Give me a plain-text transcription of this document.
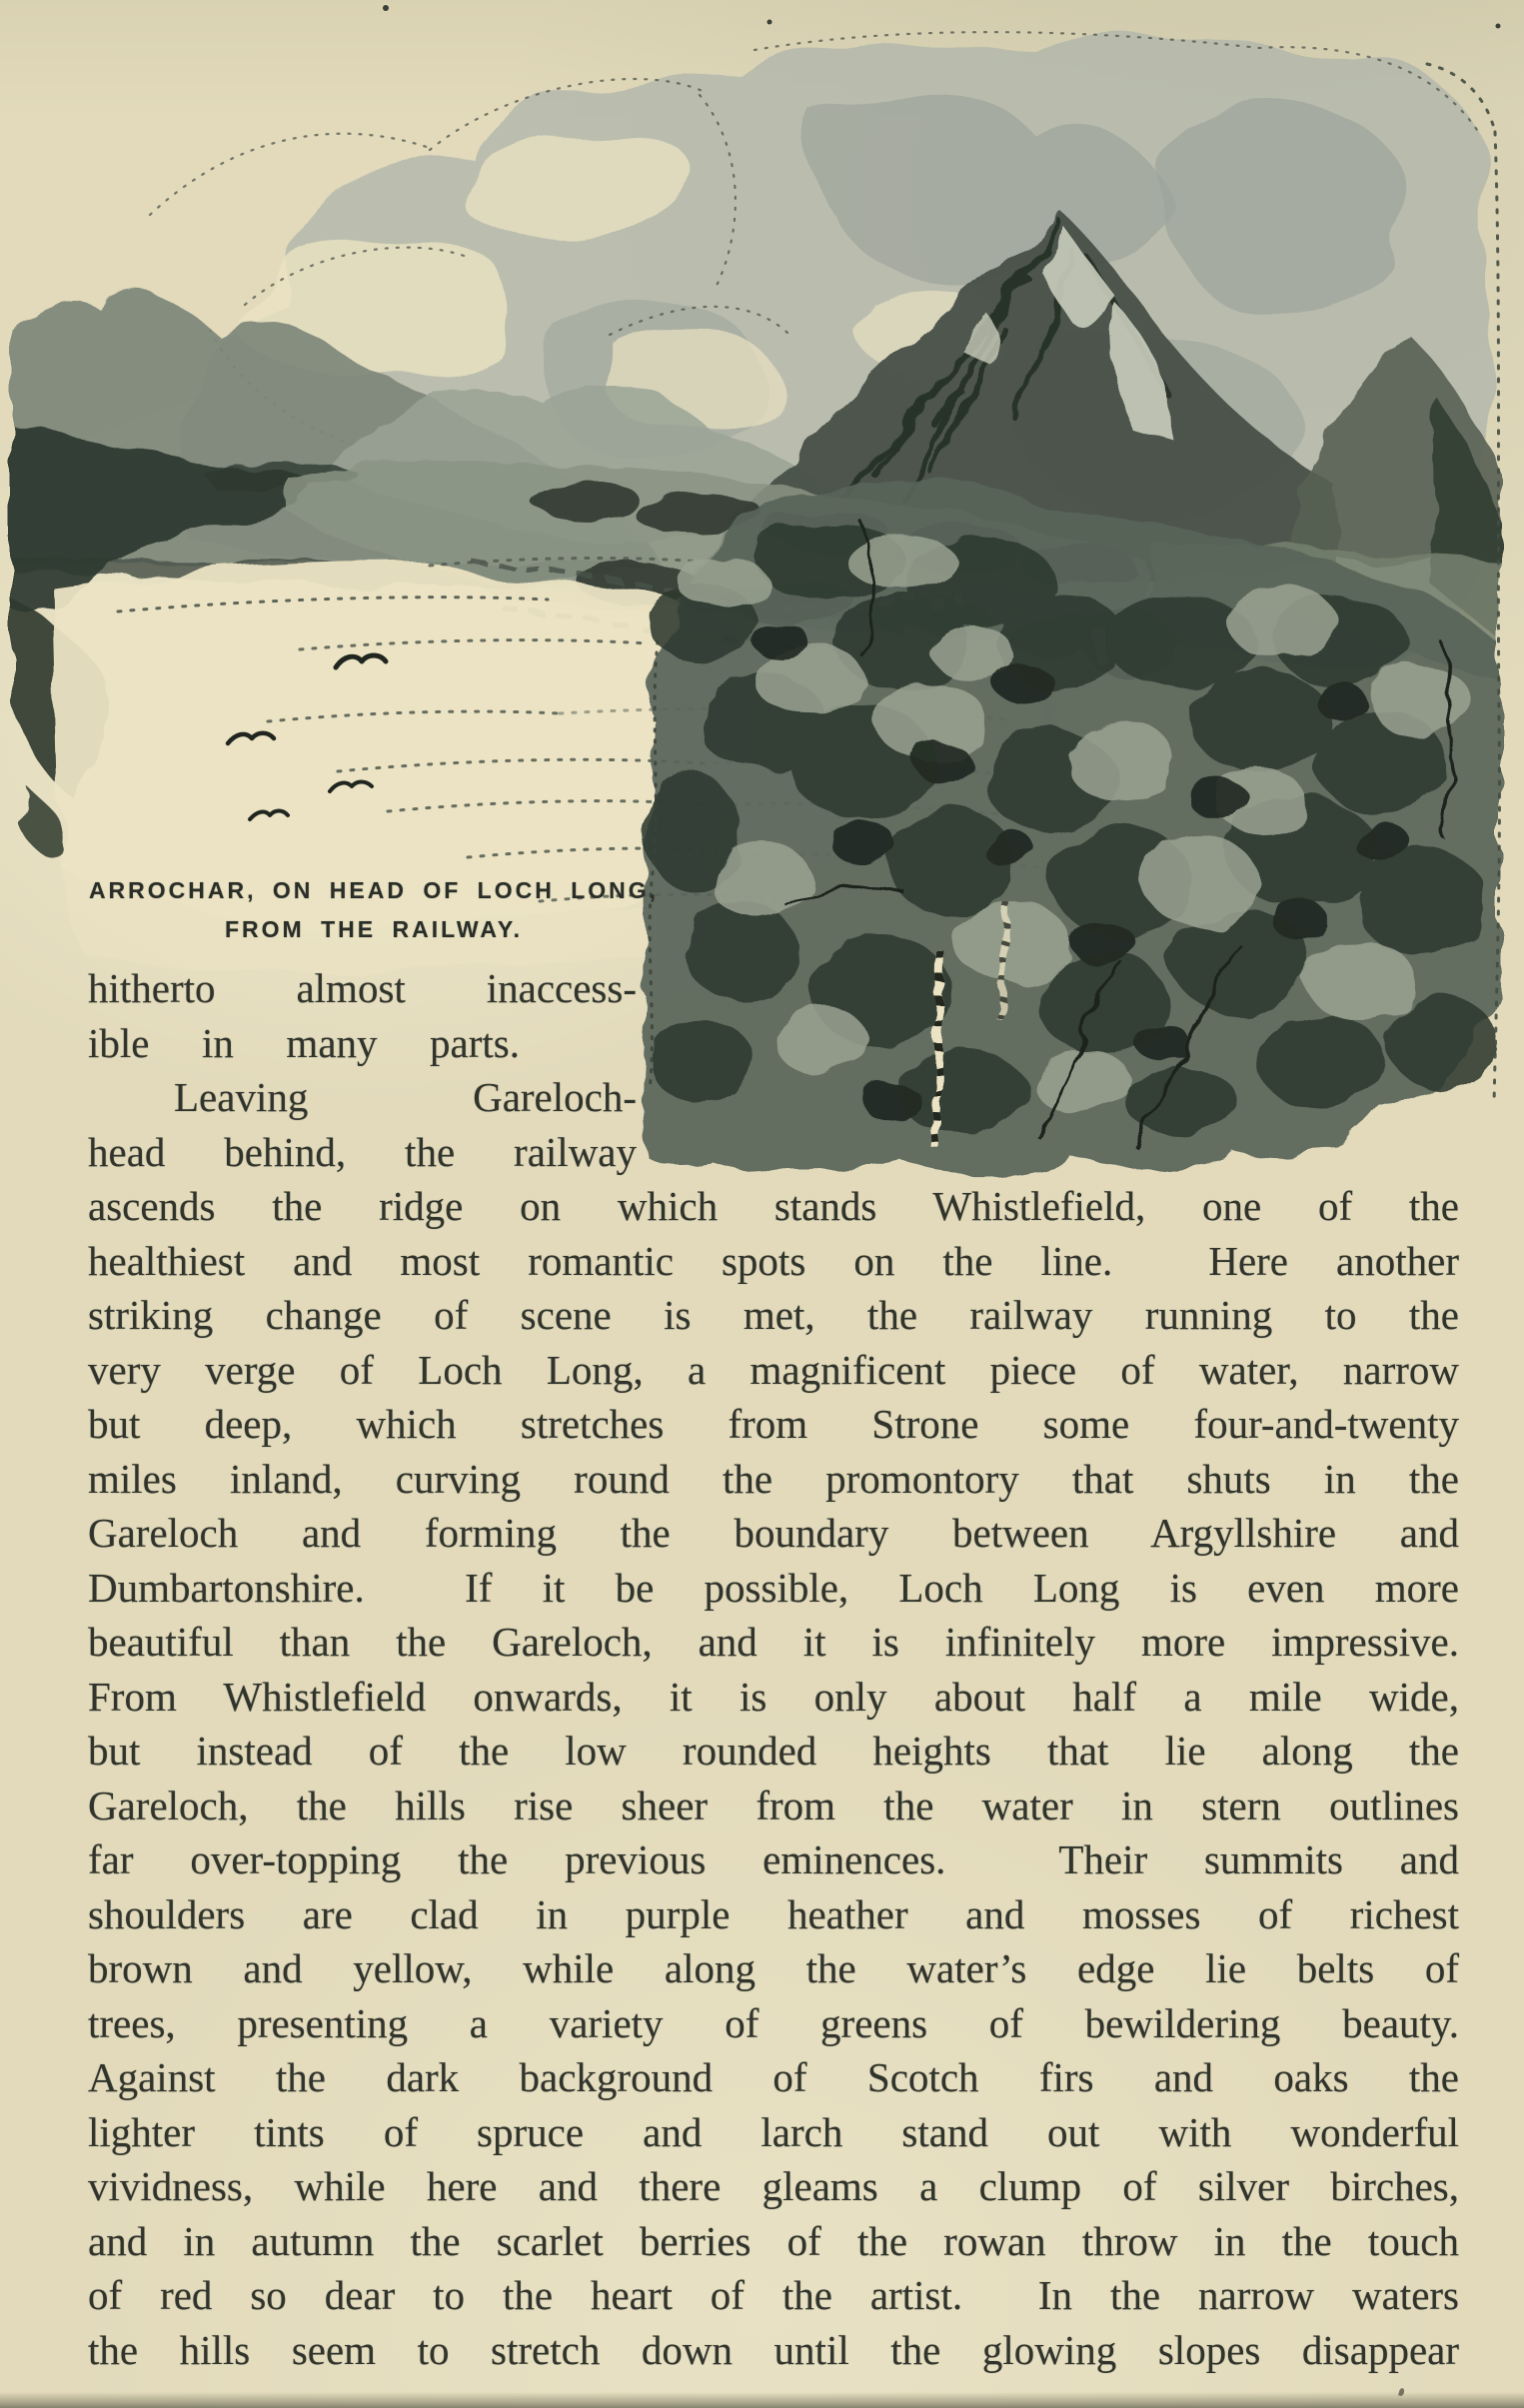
ARROCHAR, ON HEAD OF LOCH LONG,
FROM THE RAILWAY.
hitherto almost inaccess-
ible in many parts.
Leaving Gareloch-
head behind, the railway
ascends the ridge on which stands Whistlefield, one of the
healthiest and most romantic spots on the line.  Here another
striking change of scene is met, the railway running to the
very verge of Loch Long, a magnificent piece of water, narrow
but deep, which stretches from Strone some four-and-twenty
miles inland, curving round the promontory that shuts in the
Gareloch and forming the boundary between Argyllshire and
Dumbartonshire.  If it be possible, Loch Long is even more
beautiful than the Gareloch, and it is infinitely more impressive.
From Whistlefield onwards, it is only about half a mile wide,
but instead of the low rounded heights that lie along the
Gareloch, the hills rise sheer from the water in stern outlines
far over-topping the previous eminences.  Their summits and
shoulders are clad in purple heather and mosses of richest
brown and yellow, while along the water’s edge lie belts of
trees, presenting a variety of greens of bewildering beauty.
Against the dark background of Scotch firs and oaks the
lighter tints of spruce and larch stand out with wonderful
vividness, while here and there gleams a clump of silver birches,
and in autumn the scarlet berries of the rowan throw in the touch
of red so dear to the heart of the artist.  In the narrow waters
the hills seem to stretch down until the glowing slopes disappear
